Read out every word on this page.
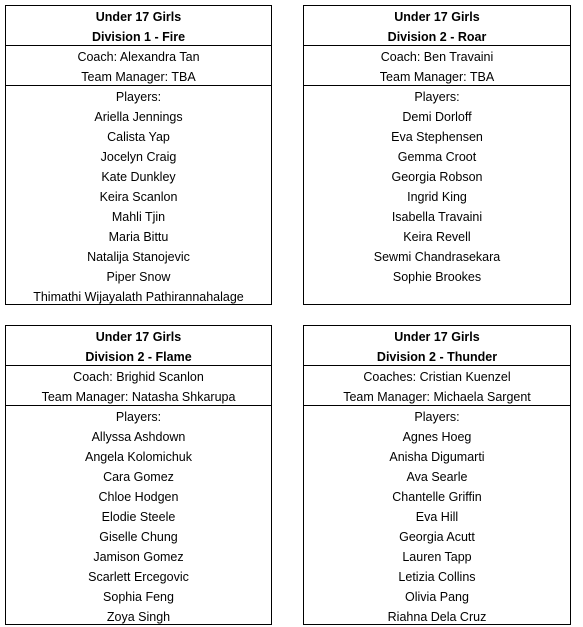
Under 17 Girls
Division 1 - Fire
Coach: Alexandra Tan
Team Manager: TBA
Players:
Ariella Jennings
Calista Yap
Jocelyn Craig
Kate Dunkley
Keira Scanlon
Mahli Tjin
Maria Bittu
Natalija Stanojevic
Piper Snow
Thimathi Wijayalath Pathirannahalage
Under 17 Girls
Division 2 - Roar
Coach: Ben Travaini
Team Manager: TBA
Players:
Demi Dorloff
Eva Stephensen
Gemma Croot
Georgia Robson
Ingrid King
Isabella Travaini
Keira Revell
Sewmi Chandrasekara
Sophie Brookes
Under 17 Girls
Division 2 - Flame
Coach: Brighid Scanlon
Team Manager: Natasha Shkarupa
Players:
Allyssa Ashdown
Angela Kolomichuk
Cara Gomez
Chloe Hodgen
Elodie Steele
Giselle Chung
Jamison Gomez
Scarlett Ercegovic
Sophia Feng
Zoya Singh
Under 17 Girls
Division 2 - Thunder
Coaches: Cristian Kuenzel
Team Manager: Michaela Sargent
Players:
Agnes Hoeg
Anisha Digumarti
Ava Searle
Chantelle Griffin
Eva Hill
Georgia Acutt
Lauren Tapp
Letizia Collins
Olivia Pang
Riahna Dela Cruz
